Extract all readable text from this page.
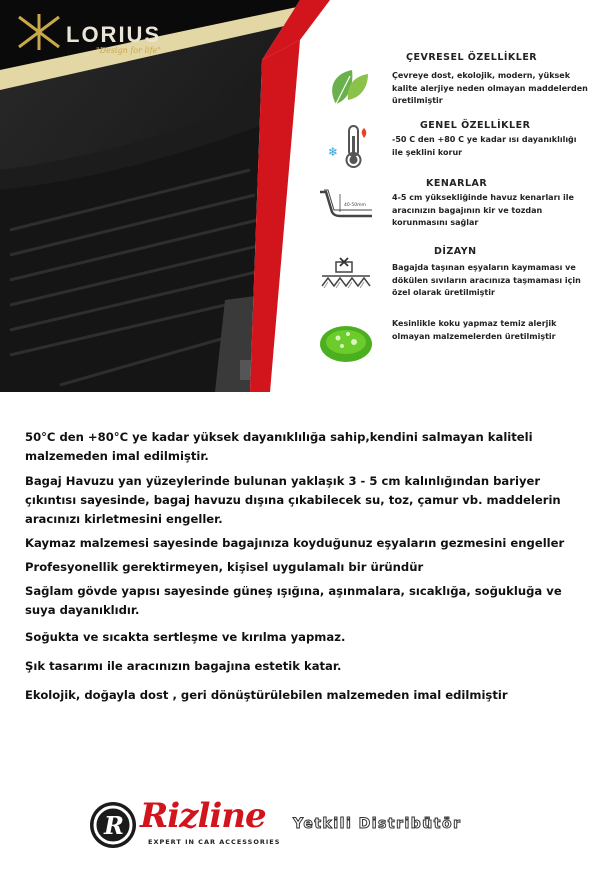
LORIUS
"Design for life"
ÇEVRESEL ÖZELLİKLER
Çevreye dost, ekolojik, modern, yüksek kalite alerjiye neden olmayan maddelerden üretilmiştir
❄
GENEL ÖZELLİKLER
-50 C den +80 C ye kadar ısı dayanıklılığı ile şeklini korur
40-50mm
KENARLAR
4-5 cm yüksekliğinde havuz kenarları ile aracınızın bagajının kir ve tozdan korunmasını sağlar
DİZAYN
Bagajda taşınan eşyaların kaymaması ve dökülen sıvıların aracınıza taşmaması için özel olarak üretilmiştir
Kesinlikle koku yapmaz temiz alerjik olmayan malzemelerden üretilmiştir

50°C den +80°C ye kadar yüksek dayanıklılığa sahip,kendini salmayan kaliteli malzemeden imal edilmiştir.

Bagaj Havuzu yan yüzeylerinde bulunan yaklaşık 3 - 5 cm kalınlığından bariyer çıkıntısı sayesinde, bagaj havuzu dışına çıkabilecek su, toz, çamur vb. maddelerin aracınızı kirletmesini engeller.

Kaymaz malzemesi sayesinde bagajınıza koyduğunuz eşyaların gezmesini engeller

Profesyonellik gerektirmeyen, kişisel uygulamalı bir üründür

Sağlam gövde yapısı sayesinde güneş ışığına, aşınmalara, sıcaklığa, soğukluğa ve suya dayanıklıdır.

Soğukta ve sıcakta sertleşme ve kırılma yapmaz.

Şık tasarımı ile aracınızın bagajına estetik katar.

Ekolojik, doğayla dost , geri dönüştürülebilen malzemeden imal edilmiştir

R Rizline
EXPERT IN CAR ACCESSORIES
Yetkili Distribütör
